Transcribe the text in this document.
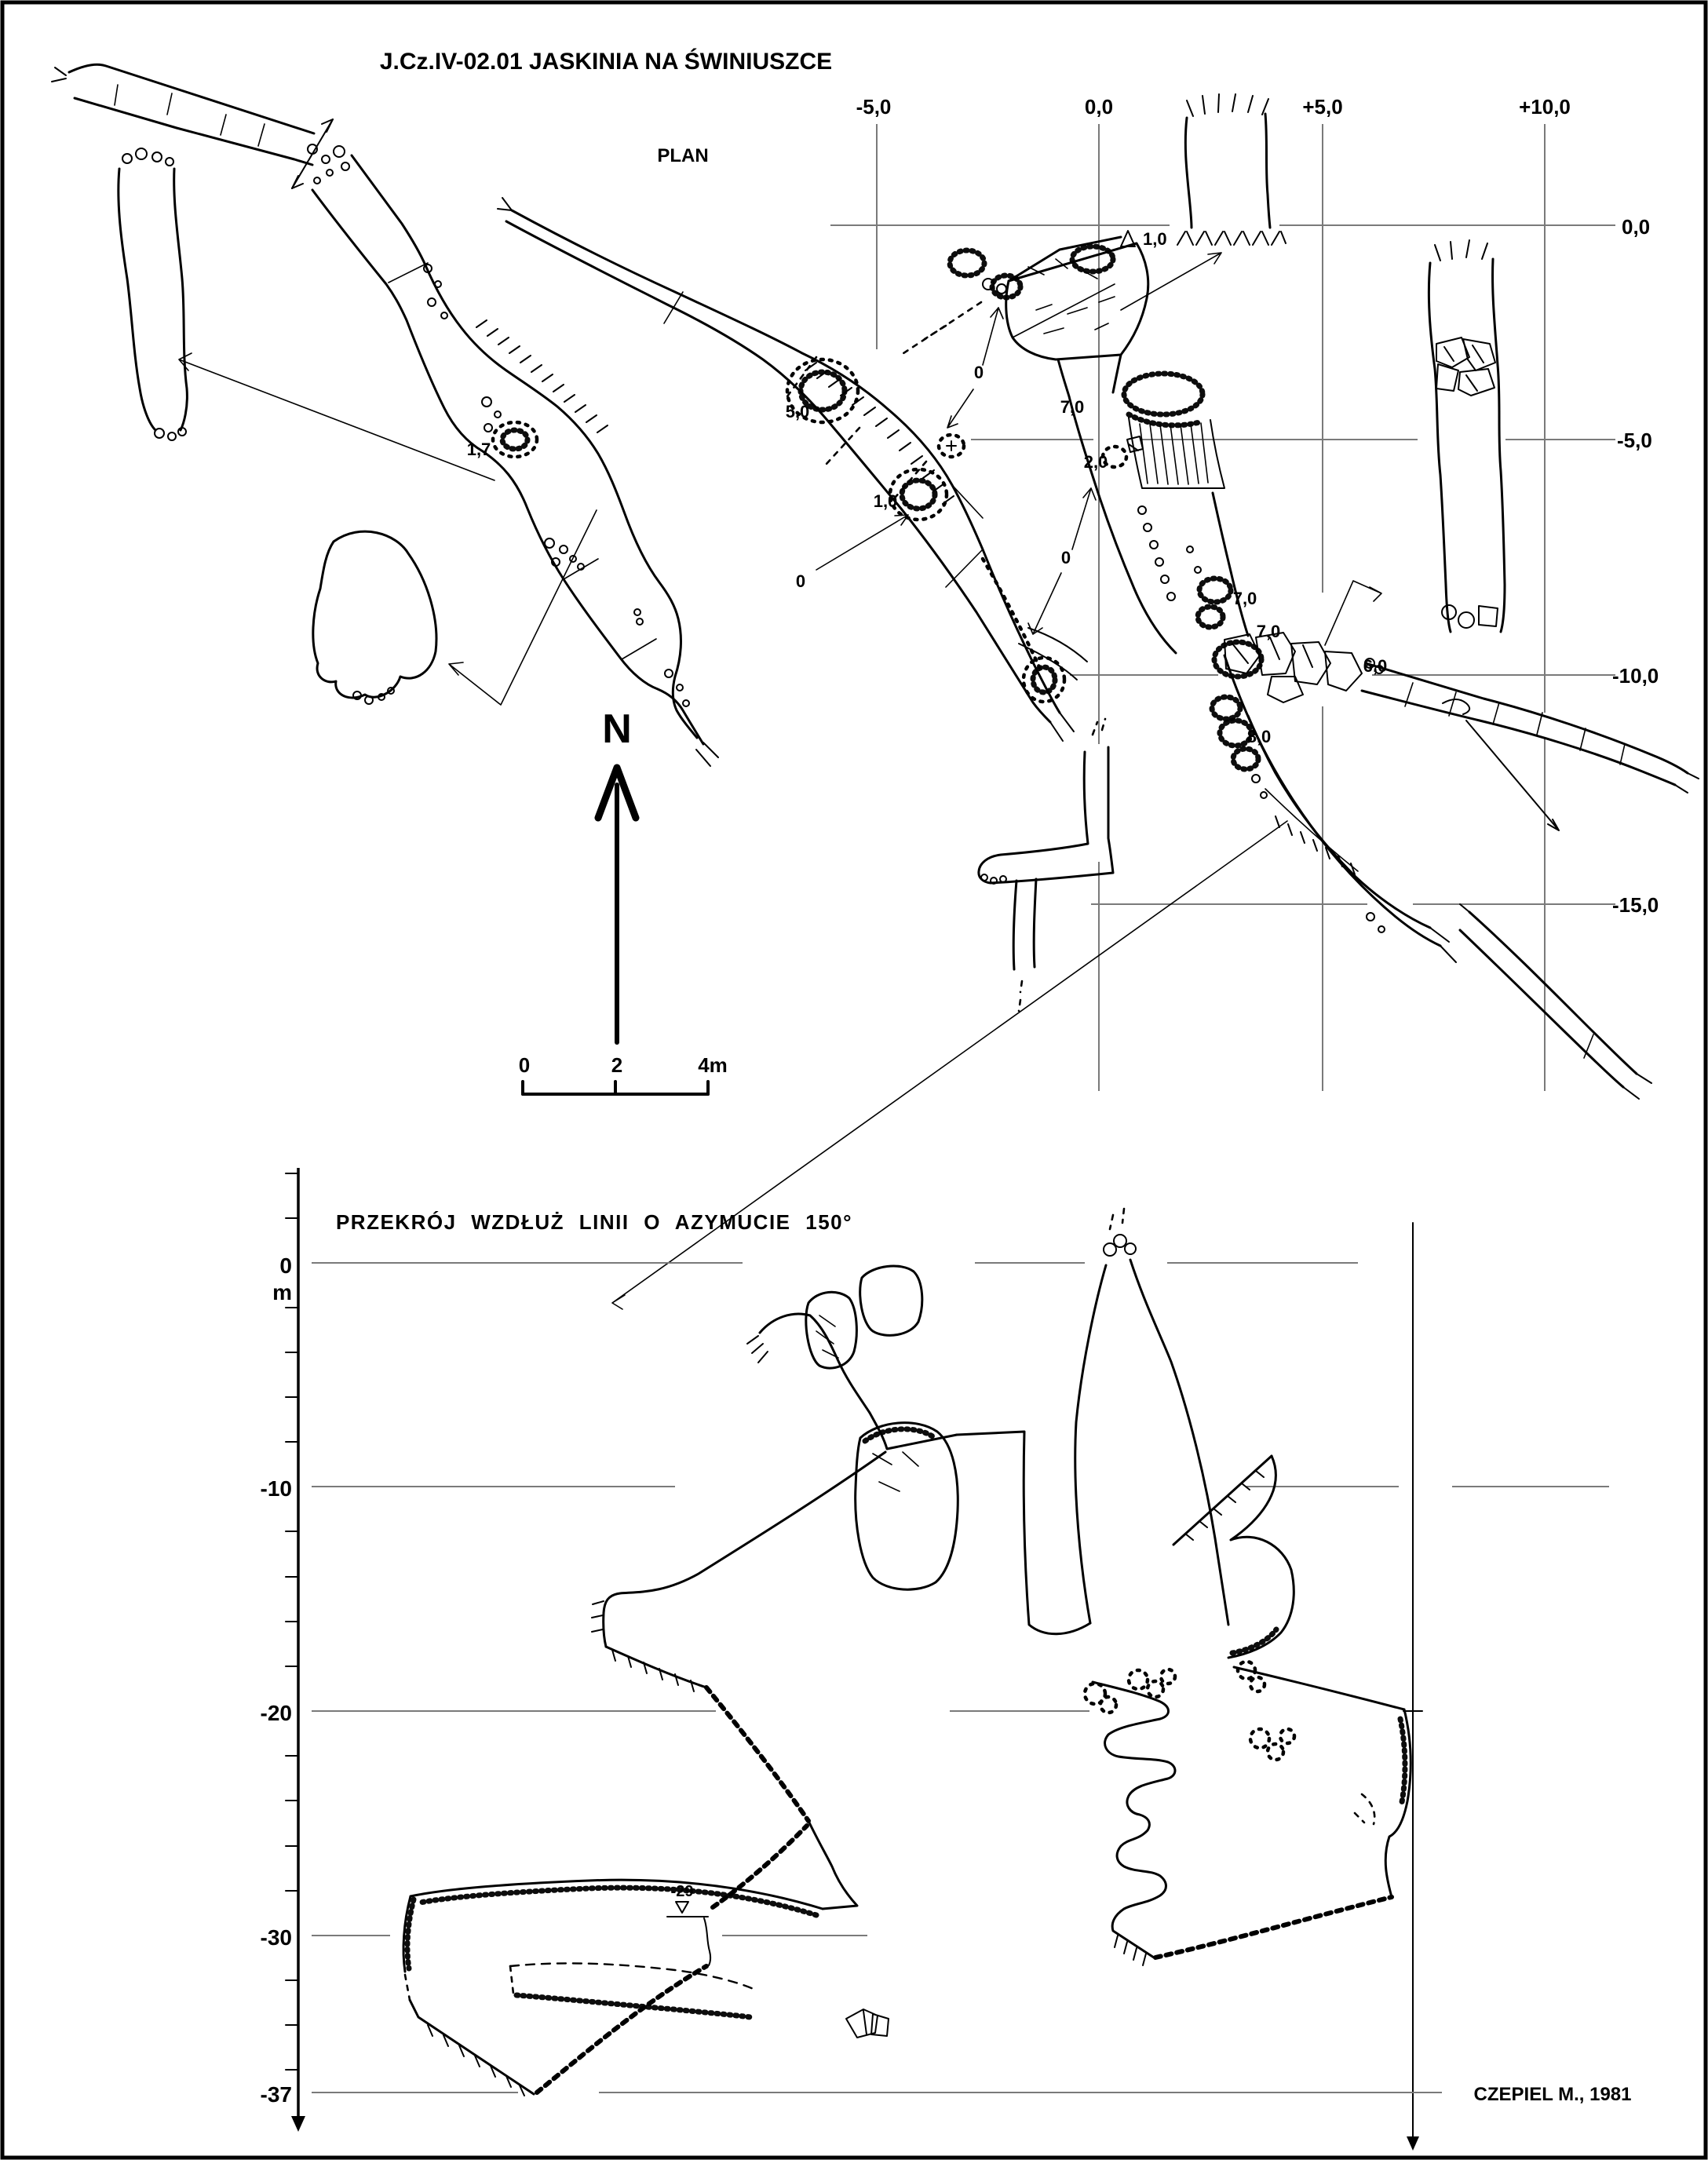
J.Cz.IV-02.01 JASKINIA NA ŚWINIUSZCE
PLAN
-5,0	0,0	+5,0	+10,0
0,0
-5,0
-10,0
-15,0
1,7
5,0
1,0
0
0
0
7,0
2,0
7,0
7,0
6,0
8,0
1,0
N
0	2	4m
PRZEKRÓJ WZDŁUŻ LINII O AZYMUCIE 150°
0
m
-10
-20
-30
-37
-29
CZEPIEL M., 1981
